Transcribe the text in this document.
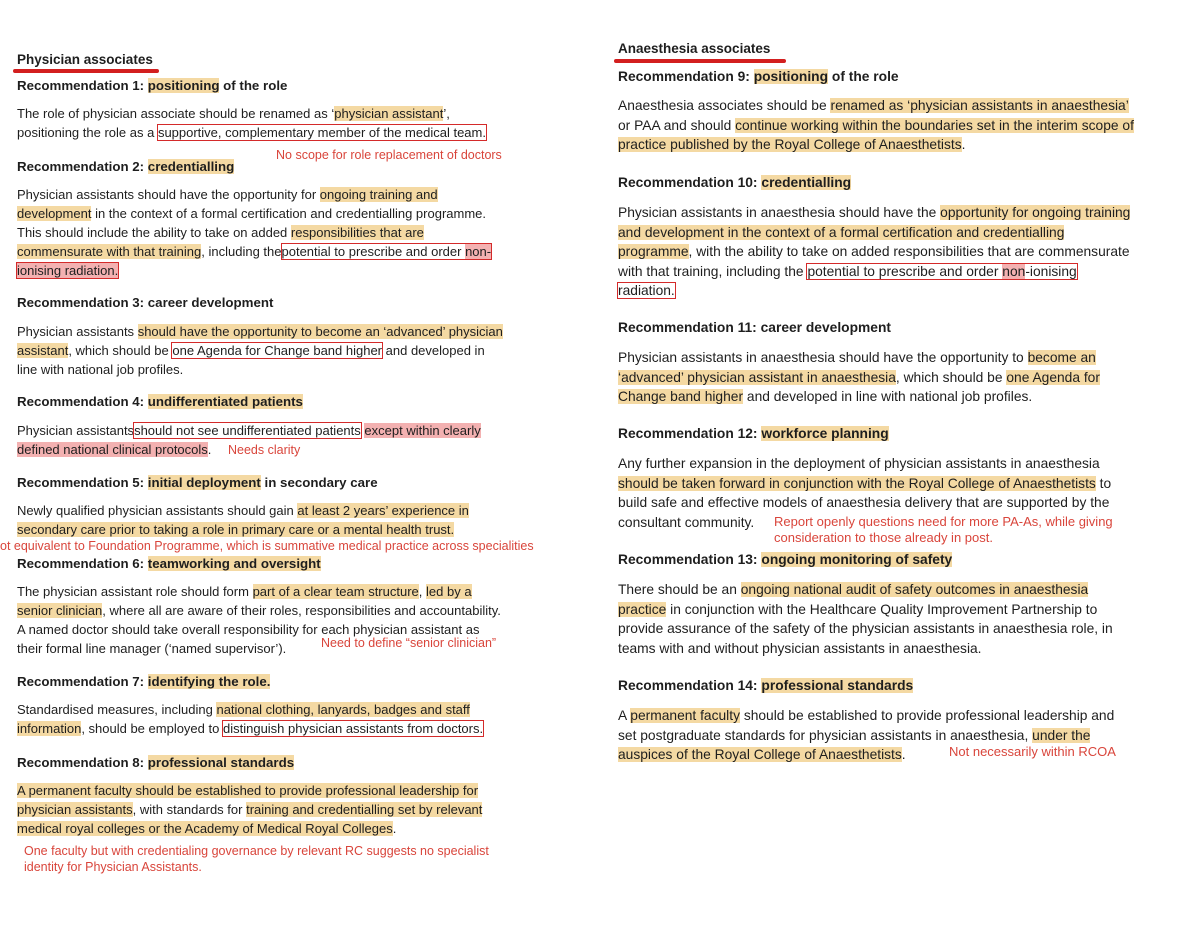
Physician associates
Recommendation 1: positioning of the role
The role of physician associate should be renamed as ‘physician assistant’,
positioning the role as a supportive, complementary member of the medical team.
No scope for role replacement of doctors
Recommendation 2: credentialling
Physician assistants should have the opportunity for ongoing training and
development in the context of a formal certification and credentialling programme.
This should include the ability to take on added responsibilities that are
commensurate with that training, including thepotential to prescribe and order non-
ionising radiation.
Recommendation 3: career development
Physician assistants should have the opportunity to become an ‘advanced’ physician
assistant, which should be one Agenda for Change band higher and developed in
line with national job profiles.
Recommendation 4: undifferentiated patients
Physician assistantsshould not see undifferentiated patients except within clearly
defined national clinical protocols.	Needs clarity
Recommendation 5: initial deployment in secondary care
Newly qualified physician assistants should gain at least 2 years’ experience in
secondary care prior to taking a role in primary care or a mental health trust.
ot equivalent to Foundation Programme, which is summative medical practice across specialities
Recommendation 6: teamworking and oversight
The physician assistant role should form part of a clear team structure, led by a
senior clinician, where all are aware of their roles, responsibilities and accountability.
A named doctor should take overall responsibility for each physician assistant as
their formal line manager (‘named supervisor’).	Need to define “senior clinician”
Recommendation 7: identifying the role.
Standardised measures, including national clothing, lanyards, badges and staff
information, should be employed to distinguish physician assistants from doctors.
Recommendation 8: professional standards
A permanent faculty should be established to provide professional leadership for
physician assistants, with standards for training and credentialling set by relevant
medical royal colleges or the Academy of Medical Royal Colleges.
One faculty but with credentialing governance by relevant RC suggests no specialist
identity for Physician Assistants.
Anaesthesia associates
Recommendation 9: positioning of the role
Anaesthesia associates should be renamed as ‘physician assistants in anaesthesia’
or PAA and should continue working within the boundaries set in the interim scope of
practice published by the Royal College of Anaesthetists.
Recommendation 10: credentialling
Physician assistants in anaesthesia should have the opportunity for ongoing training
and development in the context of a formal certification and credentialling
programme, with the ability to take on added responsibilities that are commensurate
with that training, including the potential to prescribe and order non-ionising
radiation.
Recommendation 11: career development
Physician assistants in anaesthesia should have the opportunity to become an
‘advanced’ physician assistant in anaesthesia, which should be one Agenda for
Change band higher and developed in line with national job profiles.
Recommendation 12: workforce planning
Any further expansion in the deployment of physician assistants in anaesthesia
should be taken forward in conjunction with the Royal College of Anaesthetists to
build safe and effective models of anaesthesia delivery that are supported by the
consultant community.	Report openly questions need for more PA-As, while giving
consideration to those already in post.
Recommendation 13: ongoing monitoring of safety
There should be an ongoing national audit of safety outcomes in anaesthesia
practice in conjunction with the Healthcare Quality Improvement Partnership to
provide assurance of the safety of the physician assistants in anaesthesia role, in
teams with and without physician assistants in anaesthesia.
Recommendation 14: professional standards
A permanent faculty should be established to provide professional leadership and
set postgraduate standards for physician assistants in anaesthesia, under the
auspices of the Royal College of Anaesthetists.	Not necessarily within RCOA
